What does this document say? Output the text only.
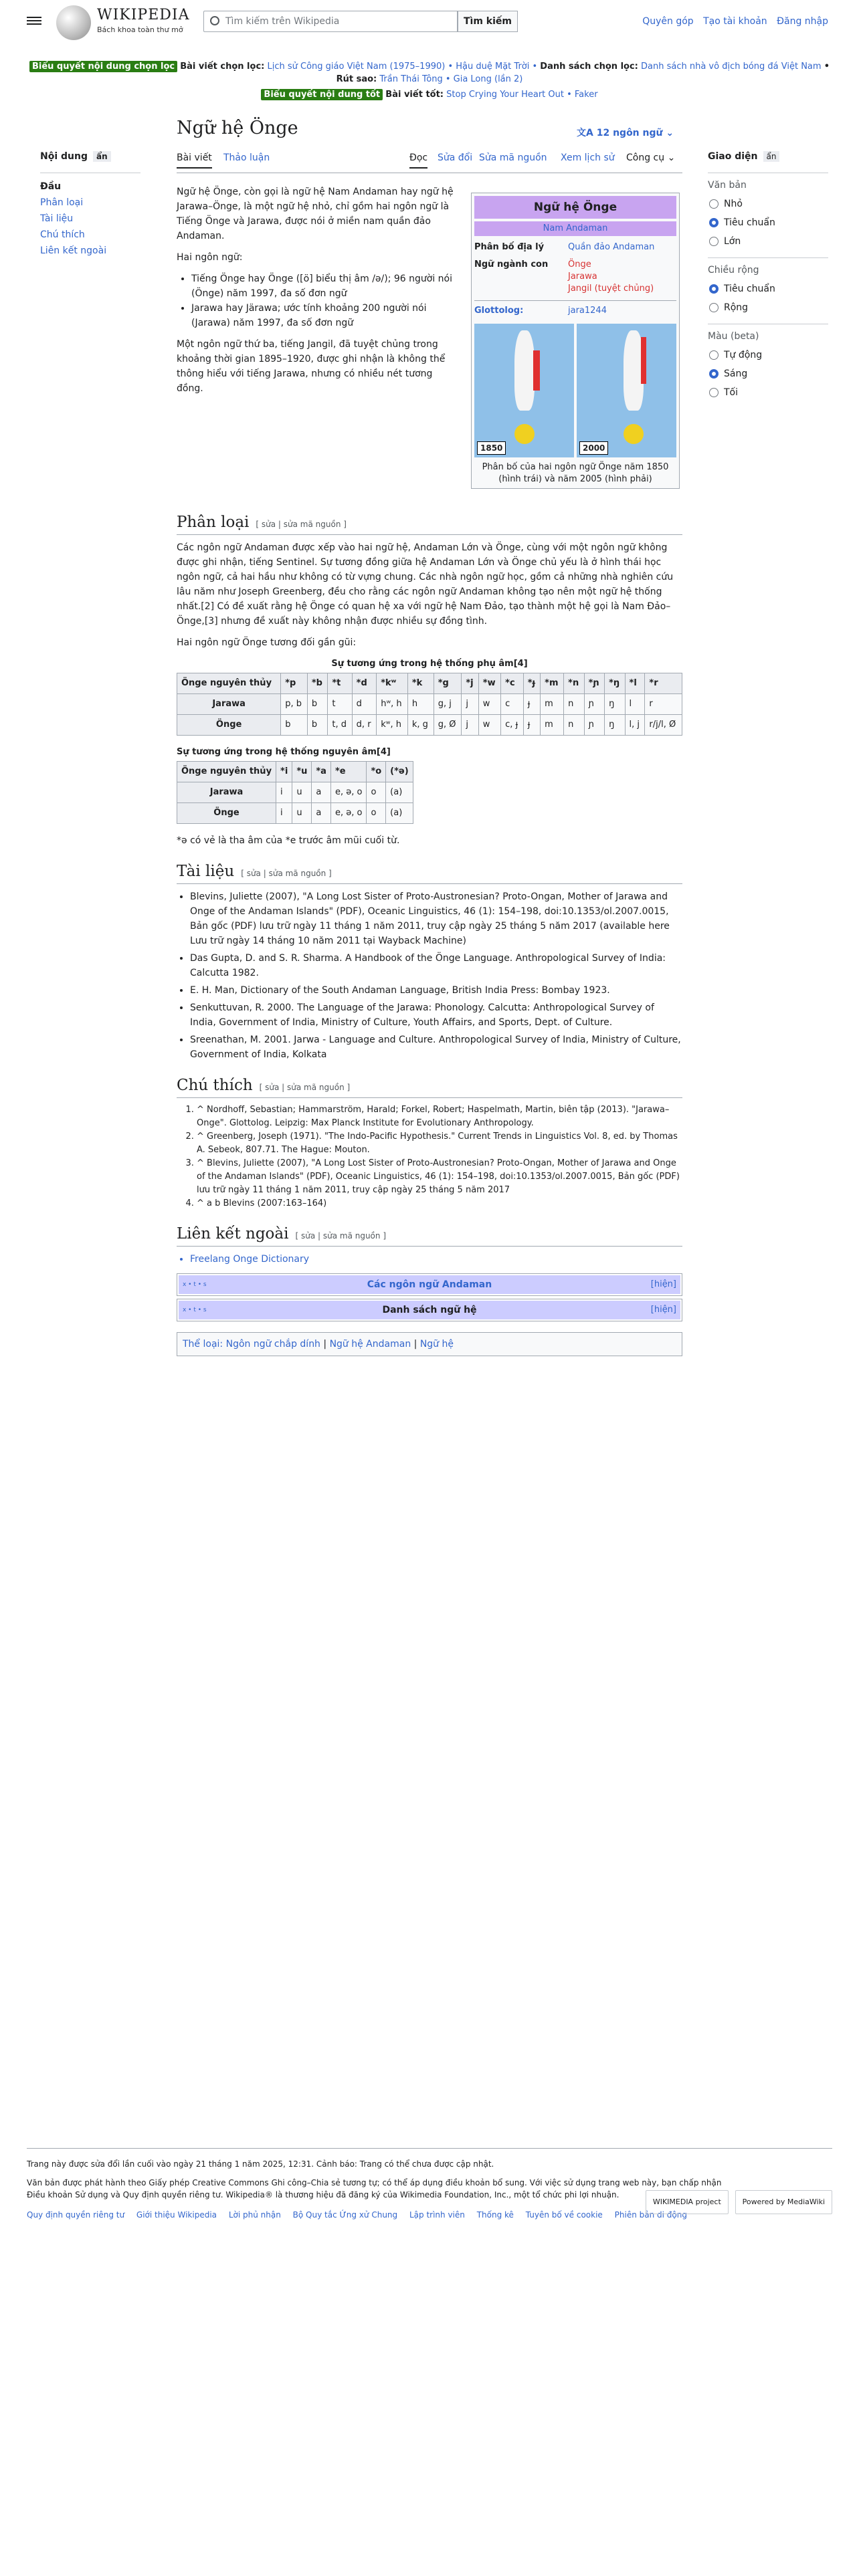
WIKIPEDIA
Bách khoa toàn thư mở
Tìm kiếm trên Wikipedia	Tìm kiếm	Quyên góp Tạo tài khoản Đăng nhập
Biểu quyết nội dung chọn lọc Bài viết chọn lọc: Lịch sử Công giáo Việt Nam (1975–1990) • Hậu duệ Mặt Trời • Danh sách chọn lọc: Danh sách nhà vô địch bóng đá Việt Nam • Rút sao: Trần Thái Tông • Gia Long (lần 2)
Biểu quyết nội dung tốt Bài viết tốt: Stop Crying Your Heart Out • Faker
Nội dung ẩn
Đầu
Phân loại
Tài liệu
Chú thích
Liên kết ngoài
Giao diện ẩn
Văn bản
Nhỏ
Tiêu chuẩn
Lớn
Chiều rộng
Tiêu chuẩn
Rộng
Màu (beta)
Tự động
Sáng
Tối
Ngữ hệ Önge	文A 12 ngôn ngữ ⌄
Bài viết Thảo luận	Đọc Sửa đổi Sửa mã nguồn Xem lịch sử Công cụ ⌄
Ngữ hệ Önge
Nam Andaman
Phân bố địa lý	Quần đảo Andaman
Ngữ ngành con	Önge
Jarawa
Jangil (tuyệt chủng)
Glottolog:	jara1244
1850	2000
Phân bố của hai ngôn ngữ Önge năm 1850 (hình trái) và năm 2005 (hình phải)

Ngữ hệ Önge, còn gọi là ngữ hệ Nam Andaman hay ngữ hệ Jarawa–Önge, là một ngữ hệ nhỏ, chỉ gồm hai ngôn ngữ là Tiếng Önge và Jarawa, được nói ở miền nam quần đảo Andaman.

Hai ngôn ngữ:

• Tiếng Önge hay Önge ([ö] biểu thị âm /ə/); 96 người nói (Önge) năm 1997, đa số đơn ngữ
• Jarawa hay Järawa; ước tính khoảng 200 người nói (Jarawa) năm 1997, đa số đơn ngữ

Một ngôn ngữ thứ ba, tiếng Jangil, đã tuyệt chủng trong khoảng thời gian 1895–1920, được ghi nhận là không thể thông hiểu với tiếng Jarawa, nhưng có nhiều nét tương đồng.

Phân loại [ sửa | sửa mã nguồn ]

Các ngôn ngữ Andaman được xếp vào hai ngữ hệ, Andaman Lớn và Önge, cùng với một ngôn ngữ không được ghi nhận, tiếng Sentinel. Sự tương đồng giữa hệ Andaman Lớn và Önge chủ yếu là ở hình thái học ngôn ngữ, cả hai hầu như không có từ vựng chung. Các nhà ngôn ngữ học, gồm cả những nhà nghiên cứu lâu năm như Joseph Greenberg, đều cho rằng các ngôn ngữ Andaman không tạo nên một ngữ hệ thống nhất.[2] Có đề xuất rằng hệ Önge có quan hệ xa với ngữ hệ Nam Đảo, tạo thành một hệ gọi là Nam Đảo–Önge,[3] nhưng đề xuất này không nhận được nhiều sự đồng tình.

Hai ngôn ngữ Önge tương đối gần gũi:

Sự tương ứng trong hệ thống phụ âm[4]
Önge nguyên thủy	*p	*b	*t	*d	*kʷ	*k	*g	*j	*w	*c	*ɟ	*m	*n	*ɲ	*ŋ	*l	*r
Jarawa	p, b	b	t	d	hʷ, h	h	g, j	j	w	c	ɟ	m	n	ɲ	ŋ	l	r
Önge	b	b	t, d	d, r	kʷ, h	k, g	g, Ø	j	w	c, ɟ	ɟ	m	n	ɲ	ŋ	l, j	r/j/l, Ø
Sự tương ứng trong hệ thống nguyên âm[4]
Önge nguyên thủy	*i	*u	*a	*e	*o	(*ə)
Jarawa	i	u	a	e, ə, o	o	(a)
Önge	i	u	a	e, ə, o	o	(a)

*ə có vẻ là tha âm của *e trước âm mũi cuối từ.

Tài liệu [ sửa | sửa mã nguồn ]
• Blevins, Juliette (2007), "A Long Lost Sister of Proto-Austronesian? Proto-Ongan, Mother of Jarawa and Onge of the Andaman Islands" (PDF), Oceanic Linguistics, 46 (1): 154–198, doi:10.1353/ol.2007.0015, Bản gốc (PDF) lưu trữ ngày 11 tháng 1 năm 2011, truy cập ngày 25 tháng 5 năm 2017 (available here Lưu trữ ngày 14 tháng 10 năm 2011 tại Wayback Machine)
• Das Gupta, D. and S. R. Sharma. A Handbook of the Önge Language. Anthropological Survey of India: Calcutta 1982.
• E. H. Man, Dictionary of the South Andaman Language, British India Press: Bombay 1923.
• Senkuttuvan, R. 2000. The Language of the Jarawa: Phonology. Calcutta: Anthropological Survey of India, Government of India, Ministry of Culture, Youth Affairs, and Sports, Dept. of Culture.
• Sreenathan, M. 2001. Jarwa - Language and Culture. Anthropological Survey of India, Ministry of Culture, Government of India, Kolkata
Chú thích [ sửa | sửa mã nguồn ]
1. ^ Nordhoff, Sebastian; Hammarström, Harald; Forkel, Robert; Haspelmath, Martin, biên tập (2013). "Jarawa–Onge". Glottolog. Leipzig: Max Planck Institute for Evolutionary Anthropology.
2. ^ Greenberg, Joseph (1971). "The Indo-Pacific Hypothesis." Current Trends in Linguistics Vol. 8, ed. by Thomas A. Sebeok, 807.71. The Hague: Mouton.
3. ^ Blevins, Juliette (2007), "A Long Lost Sister of Proto-Austronesian? Proto-Ongan, Mother of Jarawa and Onge of the Andaman Islands" (PDF), Oceanic Linguistics, 46 (1): 154–198, doi:10.1353/ol.2007.0015, Bản gốc (PDF) lưu trữ ngày 11 tháng 1 năm 2011, truy cập ngày 25 tháng 5 năm 2017
4. ^ a b Blevins (2007:163–164)
Liên kết ngoài [ sửa | sửa mã nguồn ]
• Freelang Onge Dictionary
x • t • s	Các ngôn ngữ Andaman	[hiện]
x • t • s	Danh sách ngữ hệ	[hiện]
Thể loại: Ngôn ngữ chắp dính | Ngữ hệ Andaman | Ngữ hệ
Trang này được sửa đổi lần cuối vào ngày 21 tháng 1 năm 2025, 12:31. Cảnh báo: Trang có thể chưa được cập nhật.
Văn bản được phát hành theo Giấy phép Creative Commons Ghi công–Chia sẻ tương tự; có thể áp dụng điều khoản bổ sung. Với việc sử dụng trang web này, bạn chấp nhận Điều khoản Sử dụng và Quy định quyền riêng tư. Wikipedia® là thương hiệu đã đăng ký của Wikimedia Foundation, Inc., một tổ chức phi lợi nhuận.
Quy định quyền riêng tư Giới thiệu Wikipedia Lời phủ nhận Bộ Quy tắc Ứng xử Chung Lập trình viên Thống kê Tuyên bố về cookie Phiên bản di động
WIKIMEDIA project	Powered by MediaWiki
